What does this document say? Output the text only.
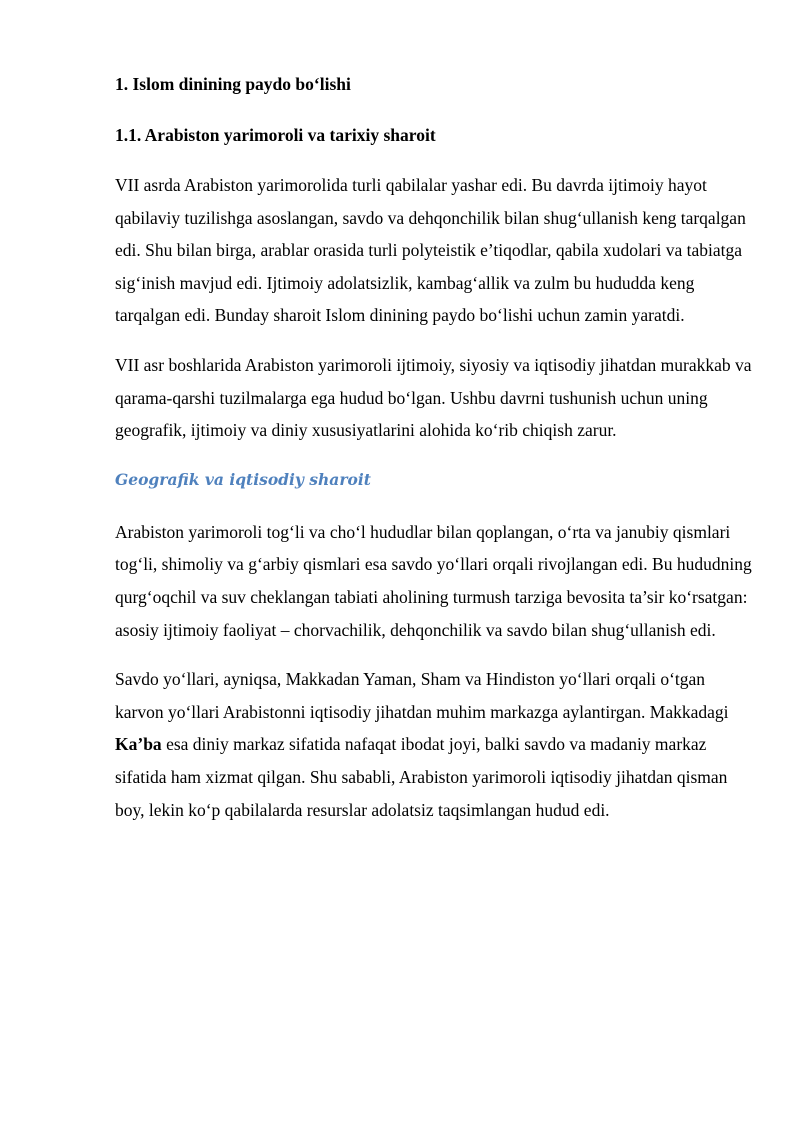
1. Islom dinining paydo bo‘lishi
1.1. Arabiston yarimoroli va tarixiy sharoit

VII asrda Arabiston yarimorolida turli qabilalar yashar edi. Bu davrda ijtimoiy hayot qabilaviy tuzilishga asoslangan, savdo va dehqonchilik bilan shug‘ullanish keng tarqalgan edi. Shu bilan birga, arablar orasida turli polyteistik e’tiqodlar, qabila xudolari va tabiatga sig‘inish mavjud edi. Ijtimoiy adolatsizlik, kambag‘allik va zulm bu hududda keng tarqalgan edi. Bunday sharoit Islom dinining paydo bo‘lishi uchun zamin yaratdi.

VII asr boshlarida Arabiston yarimoroli ijtimoiy, siyosiy va iqtisodiy jihatdan murakkab va qarama-qarshi tuzilmalarga ega hudud bo‘lgan. Ushbu davrni tushunish uchun uning geografik, ijtimoiy va diniy xususiyatlarini alohida ko‘rib chiqish zarur.

Geografik va iqtisodiy sharoit

Arabiston yarimoroli tog‘li va cho‘l hududlar bilan qoplangan, o‘rta va janubiy qismlari tog‘li, shimoliy va g‘arbiy qismlari esa savdo yo‘llari orqali rivojlangan edi. Bu hududning qurg‘oqchil va suv cheklangan tabiati aholining turmush tarziga bevosita ta’sir ko‘rsatgan: asosiy ijtimoiy faoliyat – chorvachilik, dehqonchilik va savdo bilan shug‘ullanish edi.

Savdo yo‘llari, ayniqsa, Makkadan Yaman, Sham va Hindiston yo‘llari orqali o‘tgan karvon yo‘llari Arabistonni iqtisodiy jihatdan muhim markazga aylantirgan. Makkadagi Ka’ba esa diniy markaz sifatida nafaqat ibodat joyi, balki savdo va madaniy markaz sifatida ham xizmat qilgan. Shu sababli, Arabiston yarimoroli iqtisodiy jihatdan qisman boy, lekin ko‘p qabilalarda resurslar adolatsiz taqsimlangan hudud edi.
